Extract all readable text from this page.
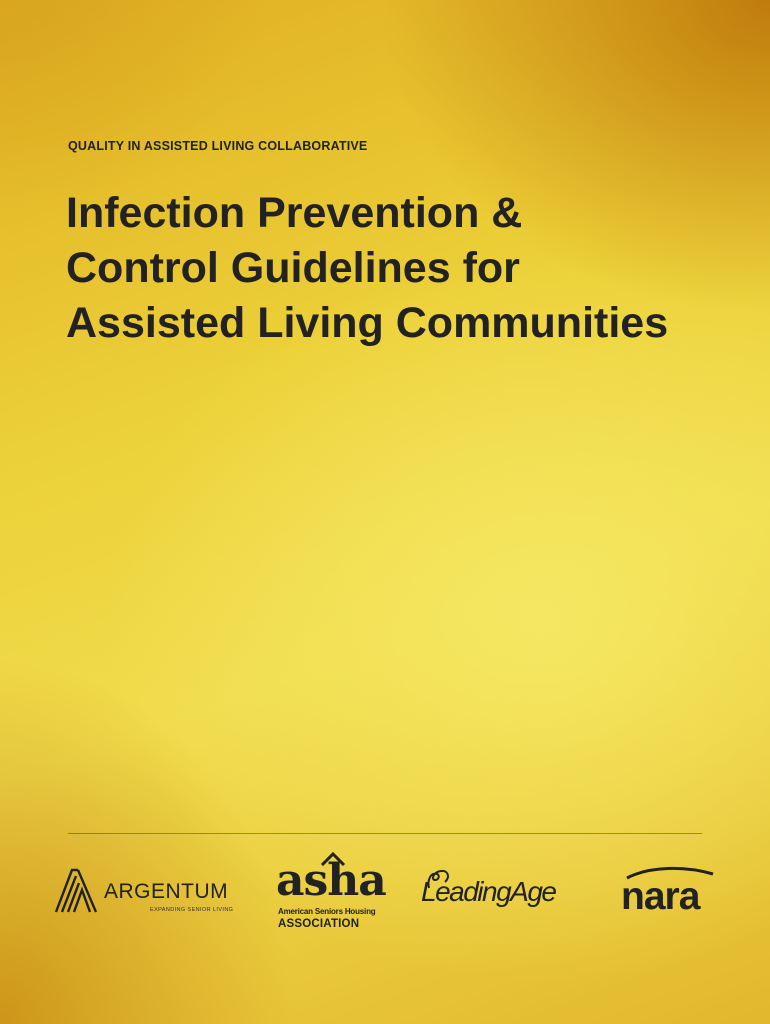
QUALITY IN ASSISTED LIVING COLLABORATIVE
Infection Prevention &
Control Guidelines for
Assisted Living Communities
ARGENTUM
EXPANDING SENIOR LIVING
asha
American Seniors Housing
ASSOCIATION
LeadingAge nara
